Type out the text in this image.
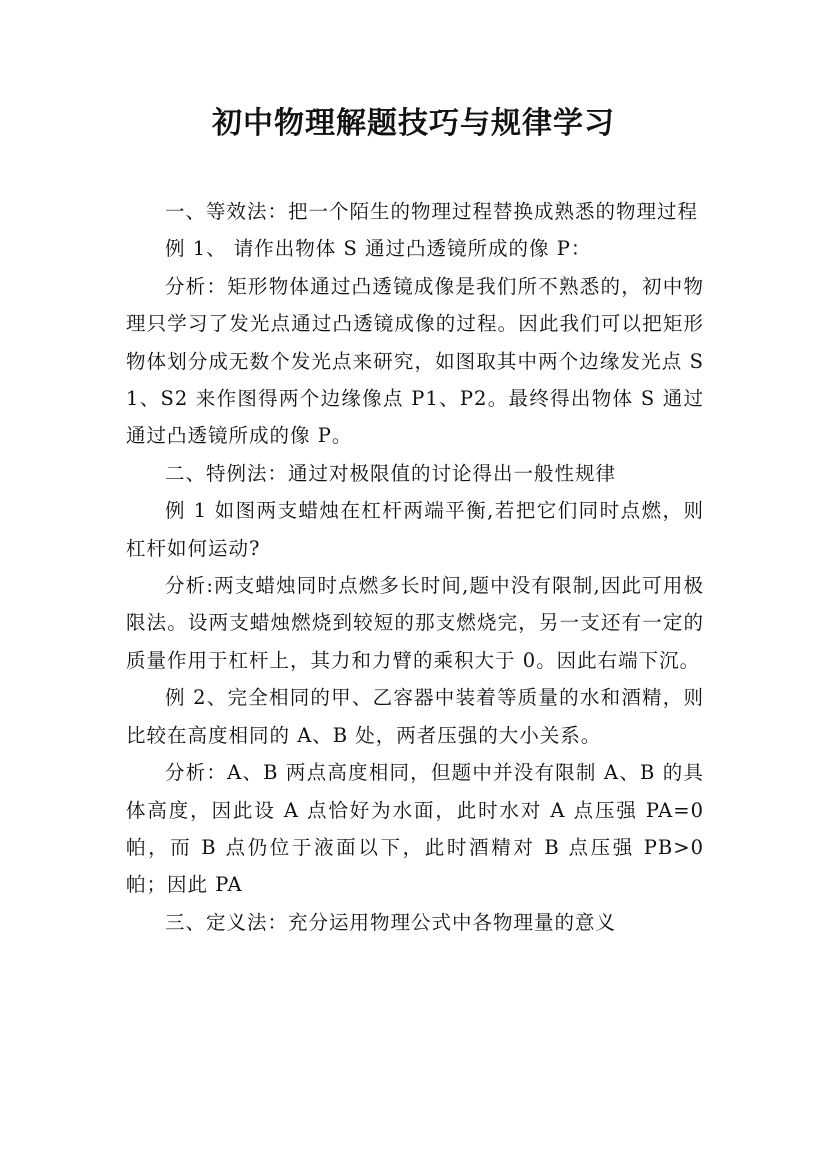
初中物理解题技巧与规律学习

一、等效法：把一个陌生的物理过程替换成熟悉的物理过程

例 1、 请作出物体 S 通过凸透镜所成的像 P：

分析：矩形物体通过凸透镜成像是我们所不熟悉的，初中物理只学习了发光点通过凸透镜成像的过程。因此我们可以把矩形物体划分成无数个发光点来研究，如图取其中两个边缘发光点 S1、S2 来作图得两个边缘像点 P1、P2。最终得出物体 S 通过通过凸透镜所成的像 P。

二、特例法：通过对极限值的讨论得出一般性规律

例 1 如图两支蜡烛在杠杆两端平衡,若把它们同时点燃，则杠杆如何运动?

分析:两支蜡烛同时点燃多长时间,题中没有限制,因此可用极限法。设两支蜡烛燃烧到较短的那支燃烧完，另一支还有一定的质量作用于杠杆上，其力和力臂的乘积大于 0。因此右端下沉。

例 2、完全相同的甲、乙容器中装着等质量的水和酒精，则比较在高度相同的 A、B 处，两者压强的大小关系。

分析：A、B 两点高度相同，但题中并没有限制 A、B 的具体高度，因此设 A 点恰好为水面，此时水对 A 点压强 PA=0 帕，而 B 点仍位于液面以下，此时酒精对 B 点压强 PB>0 帕；因此 PA

三、定义法：充分运用物理公式中各物理量的意义
